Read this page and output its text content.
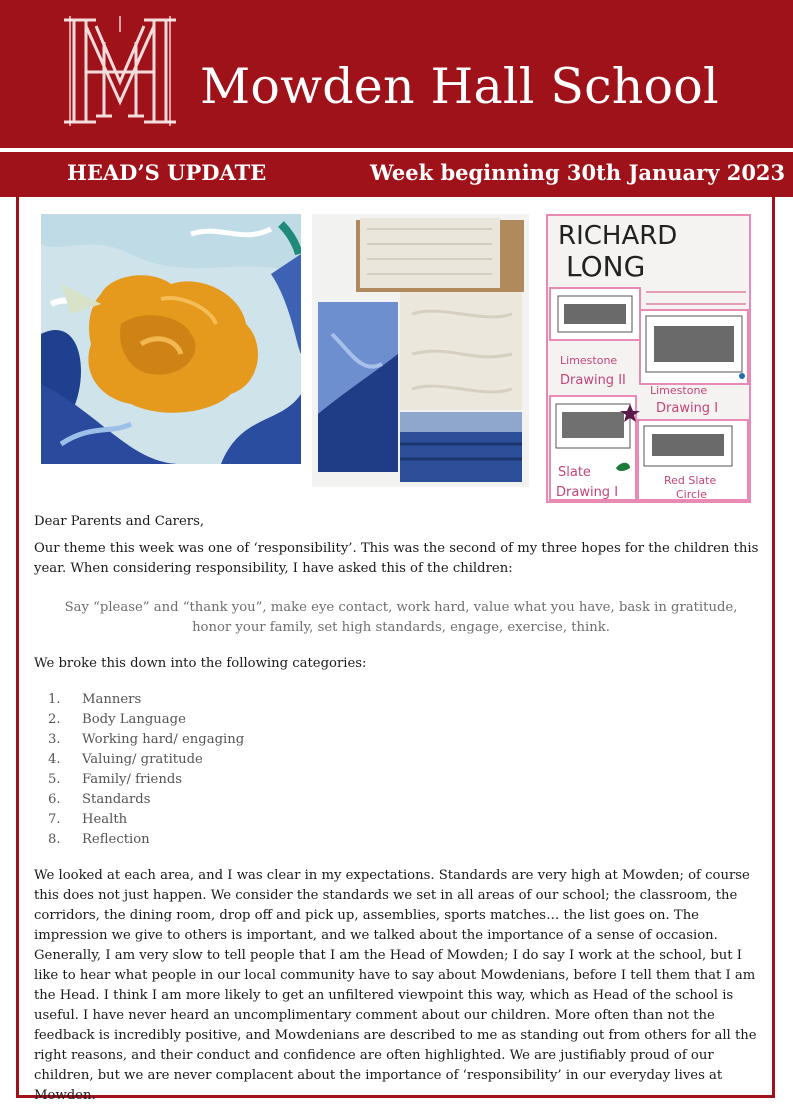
Mowden Hall School
HEAD’S UPDATE	Week beginning 30th January 2023
RICHARD
LONG
Limestone
Drawing II
Limestone
Drawing I
Slate
Drawing I
Red Slate
Circle
Dear Parents and Carers,
Our theme this week was one of ‘responsibility’. This was the second of my three hopes for the children this year. When considering responsibility, I have asked this of the children:
Say “please” and “thank you”, make eye contact, work hard, value what you have, bask in gratitude, honor your family, set high standards, engage, exercise, think.
We broke this down into the following categories:
1. Manners
2. Body Language
3. Working hard/ engaging
4. Valuing/ gratitude
5. Family/ friends
6. Standards
7. Health
8. Reflection
We looked at each area, and I was clear in my expectations. Standards are very high at Mowden; of course this does not just happen. We consider the standards we set in all areas of our school; the classroom, the corridors, the dining room, drop off and pick up, assemblies, sports matches… the list goes on. The impression we give to others is important, and we talked about the importance of a sense of occasion. Generally, I am very slow to tell people that I am the Head of Mowden; I do say I work at the school, but I like to hear what people in our local community have to say about Mowdenians, before I tell them that I am the Head. I think I am more likely to get an unfiltered viewpoint this way, which as Head of the school is useful. I have never heard an uncomplimentary comment about our children. More often than not the feedback is incredibly positive, and Mowdenians are described to me as standing out from others for all the right reasons, and their conduct and confidence are often highlighted. We are justifiably proud of our children, but we are never complacent about the importance of ‘responsibility’ in our everyday lives at Mowden.
